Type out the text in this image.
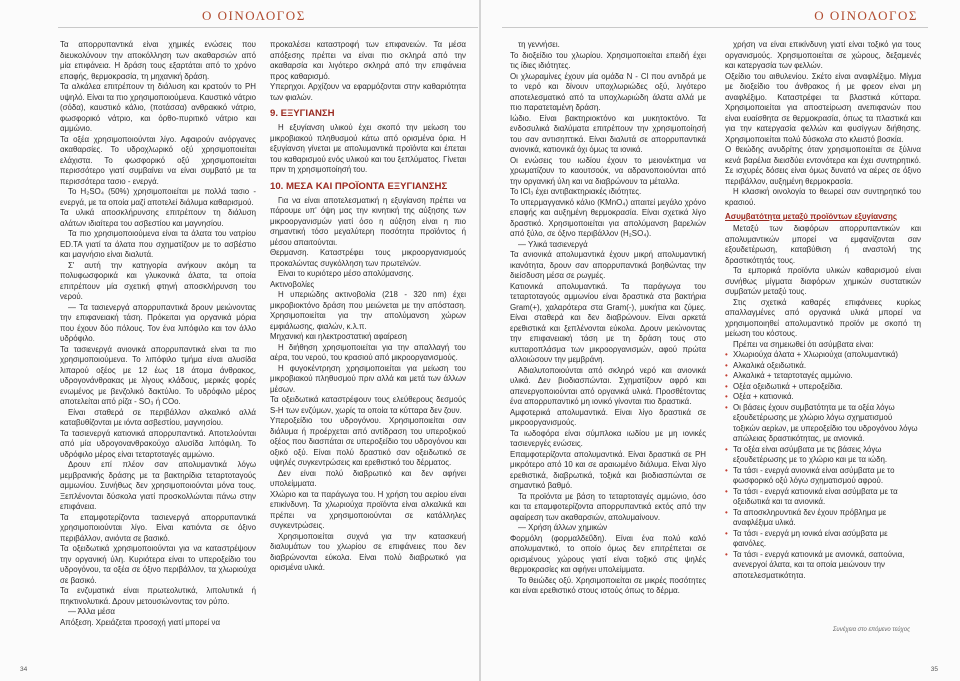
Ο ΟΙΝΟΛΟΓΟΣ

Τα απορρυπαντικά είναι χημικές ενώσεις που διευκολύνουν την αποκόλληση των ακαθαρσιών από μία επιφάνεια. Η δράση τους εξαρτάται από το χρόνο επαφής, θερμοκρασία, τη μηχανική δράση.

Τα αλκάλεα επιτρέπουν τη διάλυση και κρατούν το PH υψηλό. Είναι τα πιο χρησιμοποιούμενα. Καυστικό νάτριο (σόδα), καυστικό κάλιο, (ποτάσσα) ανθρακικό νάτριο, φωσφορικό νάτριο, και όρθο-πυριτικό νάτριο και αμμώνιο.

Τα οξέα χρησιμοποιούνται λίγο. Αφαιρούν ανόργανες ακαθαρσίες. Το υδροχλωρικό οξύ χρησιμοποιείται ελάχιστα. Το φωσφορικό οξύ χρησιμοποιείται περισσότερο γιατί συμβαίνει να είναι συμβατό με τα περισσότερα τασιο - ενεργά.

Το H₂SO₄ (50%) χρησιμοποιείται με πολλά τασιο - ενεργά, με τα οποία μαζί αποτελεί διάλυμα καθαρισμού.

Τα υλικά αποσκλήρυνσης επιτρέπουν τη διάλυση αλάτων ιδιαίτερα του ασβεστίου και μαγνησίου.

Τα πιο χρησιμοποιούμενα είναι τα άλατα του νατρίου ED.TA γιατί τα άλατα που σχηματίζουν με το ασβέστιο και μαγνήσιο είναι διαλυτά.

Σ' αυτή την κατηγορία ανήκουν ακόμη τα πολυφωσφορικά και γλυκονικά άλατα, τα οποία επιτρέπουν μία σχετική φτηνή αποσκλήρυνση του νερού.

— Τα τασιενεργά απορρυπαντικά δρουν μειώνοντας την επιφανειακή τάση. Πρόκειται για οργανικά μόρια που έχουν δύο πόλους. Τον ένα λιπόφιλο και τον άλλο υδρόφιλο.

Τα τασιενεργά ανιονικά απορρυπαντικά είναι τα πιο χρησιμοποιούμενα. Το λιπόφιλο τμήμα είναι αλυσίδα λιπαρού οξέος με 12 έως 18 άτομα άνθρακος, υδρογονάνθρακας με λίγους κλάδους, μερικές φορές ενωμένος με βενζολικό δακτύλιο. Το υδρόφιλο μέρος αποτελείται από ρίζα - SO₃ ή COο.

Είναι σταθερά σε περιβάλλον αλκαλικό αλλά καταβυθίζονται με ιόντα ασβεστίου, μαγνησίου.

Τα τασιενεργά κατιονικά απορρυπαντικά. Αποτελούνται από μία υδρογονανθρακούχο αλυσίδα λιπόφιλη. Το υδρόφιλο μέρος είναι τεταρτοταγές αμμώνιο.

Δρουν επί πλέον σαν απολυμαντικά λόγω μεμβρανικής δράσης με τα βακτηρίδια τεταρτοταγούς αμμωνίου. Συνήθως δεν χρησιμοποιούνται μόνα τους. Ξεπλένονται δύσκολα γιατί προσκολλώνται πάνω στην επιφάνεια.

Τα επαμφοτερίζοντα τασιενεργά απορρυπαντικά χρησιμοποιούνται λίγο. Είναι κατιόντα σε όξινο περιβάλλον, ανιόντα σε βασικό.

Τα οξειδωτικά χρησιμοποιούνται για να καταστρέψουν την οργανική ύλη. Κυριότερα είναι το υπεροξείδιο του υδρογόνου, τα οξέα σε όξινο περιβάλλον, τα χλωριούχα σε βασικό.

Τα ενζυματικά είναι πρωτεολυτικά, λιπολυτικά ή πηκτινολυτικά. Δρουν μετουσιώνοντας τον ρύπο.

— Άλλα μέσα

Απόξεση. Χρειάζεται προσοχή γιατί μπορεί να

προκαλέσει καταστροφή των επιφανειών. Τα μέσα απόξεσης πρέπει να είναι πιο σκληρά από την ακαθαρσία και λιγότερο σκληρά από την επιφάνεια προς καθαρισμό.

Υπερηχοι. Αρχίζουν να εφαρμόζονται στην καθαριότητα των φιαλών.

9. ΕΞΥΓΙΑΝΣΗ

Η εξυγίανση υλικού έχει σκοπό την μείωση του μικροβιακού πληθυσμού κάτω από ορισμένα όρια. Η εξυγίανση γίνεται με απολυμαντικά προϊόντα και έπεται του καθαρισμού ενός υλικού και του ξεπλύματος. Γίνεται πριν τη χρησιμοποίησή του.

10. ΜΕΣΑ ΚΑΙ ΠΡΟΪΟΝΤΑ ΕΞΥΓΙΑΝΣΗΣ

Για να είναι αποτελεσματική η εξυγίανση πρέπει να πάρουμε υπ' όψη μας την κινητική της αύξησης των μικροοργανισμών γιατί όσο η αύξηση είναι η πιο σημαντική τόσο μεγαλύτερη ποσότητα προϊόντος ή μέσου απαιτούνται.

Θερμανση. Καταστρέφει τους μικροοργανισμούς προκαλώντας συγκόλληση των πρωτεϊνών.

Είναι το κυριότερο μέσο απολύμανσης.

Ακτινοβολίες

Η υπεριώδης ακτινοβολία (218 - 320 nm) έχει μικροβιοκτόνο δράση που μειώνεται με την απόσταση. Χρησιμοποιείται για την απολύμανση χώρων εμφιάλωσης, φιαλών, κ.λ.π.

Μηχανική και ηλεκτροστατική αφαίρεση

Η διήθηση χρησιμοποιείται για την απαλλαγή του αέρα, του νερού, του κρασιού από μικροοργανισμούς.

Η φυγοκέντρηση χρησιμοποιείται για μείωση του μικροβιακού πληθυσμού πριν αλλά και μετά των άλλων μέσων.

Τα οξειδωτικά καταστρέφουν τους ελεύθερους δεσμούς S-H των ενζύμων, χωρίς τα οποία τα κύτταρα δεν ζουν.

Υπεροξείδιο του υδρογόνου. Χρησιμοποιείται σαν διάλυμα ή προέρχεται από αντίδραση του υπεροξικού οξέος που διασπάται σε υπεροξείδιο του υδρογόνου και οξικό οξύ. Είναι πολύ δραστικό σαν οξειδωτικό σε υψηλές συγκεντρώσεις και ερεθιστικό του δέρματος.

Δεν είναι πολύ διαβρωτικό και δεν αφήνει υπολείμματα.

Χλώριο και τα παράγωγα του. Η χρήση του αερίου είναι επικίνδυνη. Τα χλωριούχα προϊόντα είναι αλκαλικά και πρέπει να χρησιμοποιούνται σε κατάλληλες συγκεντρώσεις.

Χρησιμοποιείται συχνά για την κατασκευή διαλυμάτων του χλωρίου σε επιφάνειες που δεν διαβρώνονται εύκολα. Είναι πολύ διαβρωτικό για ορισμένα υλικά.

34
Ο ΟΙΝΟΛΟΓΟΣ

τη γεννήσει.

Το διοξείδιο του χλωρίου. Χρησιμοποιείται επειδή έχει τις ίδιες ιδιότητες.

Οι χλωραμίνες έχουν μία ομάδα Ν - Cl που αντιδρά με το νερό και δίνουν υποχλωριώδες οξύ, λιγότερο αποτελεσματικό από τα υποχλωριώδη άλατα αλλά με πιο παρατεταμένη δράση.

Ιώδιο. Είναι βακτηριοκτόνο και μυκητοκτόνο. Τα ενδοσυλικά διαλύματα επιτρέπουν την χρησιμοποίησή του σαν αντισηπτικά. Είναι διαλυτά σε απορρυπαντικά ανιονικά, κατιονικά όχι όμως τα ιονικά.

Οι ενώσεις του ιωδίου έχουν το μειονέκτημα να χρωματίζουν το καουτσούκ, να αδρανοποιούνται από την οργανική ύλη και να διαβρώνουν τα μέταλλα.

Το ICl₃ έχει αντιβακτηριακές ιδιότητες.

Το υπερμαγγανικό κάλιο (KMnO₄) απαιτεί μεγάλο χρόνο επαφής και αυξημένη θερμοκρασία. Είναι σχετικά λίγο δραστικό. Χρησιμοποιείται για απολύμανση βαρελιών από ξύλο, σε όξινο περιβάλλον (H₂SO₄).

— Υλικά τασιενεργά

Τα ανιονικά απολυμαντικά έχουν μικρή απολυμαντική ικανότητα, δρουν σαν απορρυπαντικά βοηθώντας την διείσδυση μέσα σε ρωγμές.

Κατιονικά απολυμαντικά. Τα παράγωγα του τεταρτοταγούς αμμωνίου είναι δραστικά στα βακτήρια Gram(+), χαλαρότερα στα Gram(-), μυκήτια και ζύμες. Είναι σταθερά και δεν διαβρώνουν. Είναι αρκετά ερεθιστικά και ξεπλένονται εύκολα. Δρουν μειώνοντας την επιφανειακή τάση με τη δράση τους στο κυτταροπλάσμα των μικροοργανισμών, αφού πρώτα αλλοιώσουν την μεμβράνη.

Αδιαλυτοποιούνται από σκληρό νερό και ανιονικά υλικά. Δεν βιοδιασπώνται. Σχηματίζουν αφρό και απενεργοποιούνται από οργανικά υλικά. Προσθέτοντας ένα απορρυπαντικό μη ιονικό γίνονται πιο δραστικά.

Αμφοτερικά απολυμαντικά. Είναι λίγο δραστικά σε μικροοργανισμούς.

Τα ιωδοφόρα είναι σύμπλοκα ιωδίου με μη ιονικές τασιενεργές ενώσεις.

Επαμφοτερίζοντα απολυμαντικά. Είναι δραστικά σε PH μικρότερο από 10 και σε αραιωμένο διάλυμα. Είναι λίγο ερεθιστικά, διαβρωτικά, τοξικά και βιοδιασπώνται σε σημαντικό βαθμό.

Τα προϊόντα με βάση το τεταρτοταγές αμμώνιο, όσο και τα επαμφοτερίζοντα απορρυπαντικά εκτός από την αφαίρεση των ακαθαρσιών, απολυμαίνουν.

— Χρήση άλλων χημικών

Φορμόλη (φορμαλδεΰδη). Είναι ένα πολύ καλό απολυμαντικό, το οποίο όμως δεν επιτρέπεται σε ορισμένους χώρους γιατί είναι τοξικό στις ψηλές θερμοκρασίες και αφήνει υπολείμματα.

Το θειώδες οξύ. Χρησιμοποιείται σε μικρές ποσότητες και είναι ερεθιστικό στους ιστούς όπως το δέρμα.

χρήση να είναι επικίνδυνη γιατί είναι τοξικό για τους οργανισμούς. Χρησιμοποιείται σε χώρους, δεξαμενές και κατεργασία των φελλών.

Οξείδιο του αιθυλενίου. Σκέτο είναι αναφλέξιμο. Μίγμα με διοξείδιο του άνθρακος ή με φρεον είναι μη αναφλέξιμο. Καταστρέφει τα βλαστικά κύτταρα. Χρησιμοποιείται για αποστείρωση ανεπιφανών που είναι ευαίσθητα σε θερμοκρασία, όπως τα πλαστικά και για την κατεργασία φελλών και φυσίγγων διήθησης. Χρησιμοποιείται πολύ δύσκολα στο κλειστό βοσκία.

Ο θειώδης ανυδρίτης όταν χρησιμοποιείται σε ξύλινα κενά βαρέλια διεισδύει εντονότερα και έχει συντηρητικό. Σε ισχυρές δόσεις είναι όμως δυνατό να αέρες σε όξινο περιβάλλον, αυξημένη θερμοκρασία.

Η κλασική οινολογία το θεωρεί σαν συντηρητικό του κρασιού.

Ασυμβατότητα μεταξύ προϊόντων εξυγίανσης

Μεταξύ των διαφόρων απορρυπαντικών και απολυμαντικών μπορεί να εμφανίζονται σαν εξουδετέρωση, καταβύθιση ή αναστολή της δραστικότητάς τους.

Τα εμπορικά προϊόντα υλικών καθαρισμού είναι συνήθως μίγματα διαφόρων χημικών συστατικών συμβατών μεταξύ τους.

Στις σχετικά καθαρές επιφάνειες κυρίως απαλλαγμένες από οργανικά υλικά μπορεί να χρησιμοποιηθεί απολυμαντικό προϊόν με σκοπό τη μείωση του κόστους.

Πρέπει να σημειωθεί ότι ασύμβατα είναι:

• Χλωριούχα άλατα + Χλωριούχα (απολυμαντικά)
• Αλκαλικά οξειδωτικά.
• Αλκαλικά + τεταρτοταγές αμμώνιο.
• Οξέα οξειδωτικά + υπεροξείδια.
• Οξέα + κατιονικά.
• Οι βάσεις έχουν συμβατότητα με τα οξέα λόγω εξουδετέρωσης με χλώριο λόγω σχηματισμού τοξικών αερίων, με υπεροξείδιο του υδρογόνου λόγω απώλειας δραστικότητας, με ανιονικά.
• Τα οξέα είναι ασύμβατα με τις βάσεις λόγω εξουδετέρωσης με το χλώριο και με τα ιώδη.
• Τα τάσι - ενεργά ανιονικά είναι ασύμβατα με το φωσφορικό οξύ λόγω σχηματισμού αφρού.
• Τα τάσι - ενεργά κατιονικά είναι ασύμβατα με τα οξειδωτικά και τα ανιονικά.
• Τα αποσκληρυντικά δεν έχουν πρόβλημα με αναφλέξιμα υλικά.
• Τα τάσι - ενεργά μη ιονικά είναι ασύμβατα με φαινόλες.
• Τα τάσι - ενεργά κατιονικά με ανιονικά, σαπούνια, ανενεργοί άλατα, και τα οποία μειώνουν την αποτελεσματικότητα.
Συνέχεια στο επόμενο τεύχος
35
